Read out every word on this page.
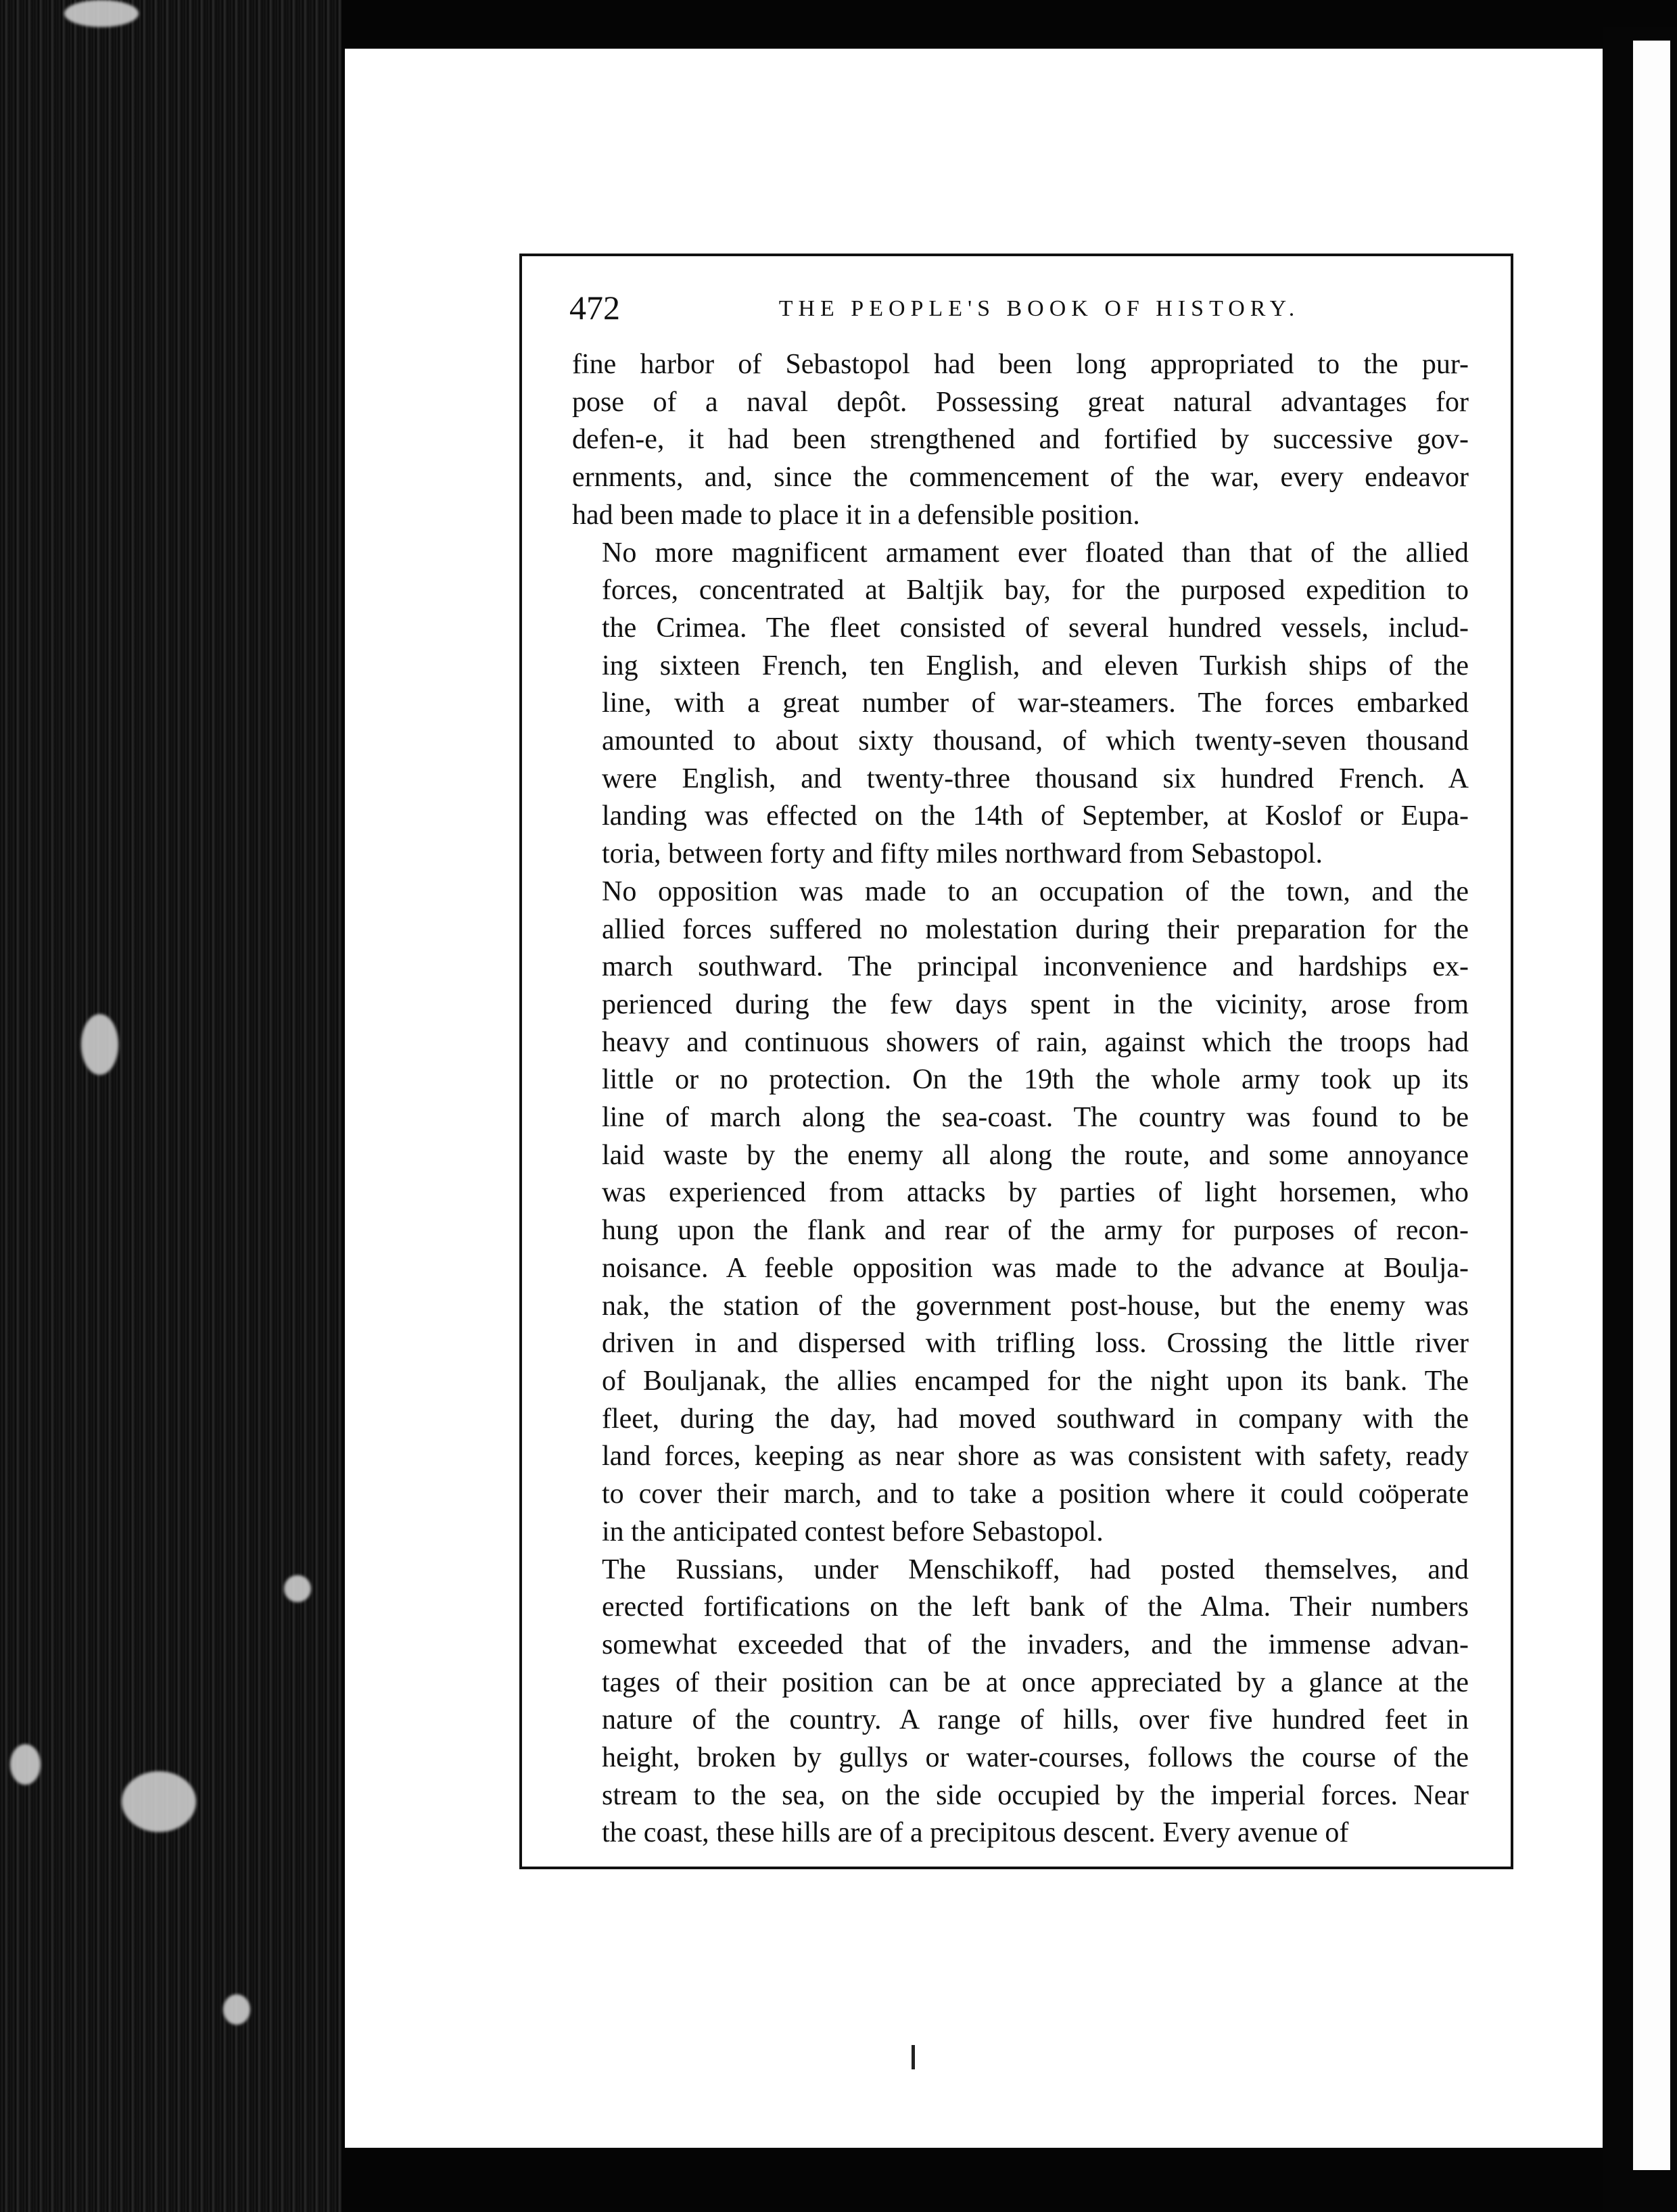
472	THE PEOPLE'S BOOK OF HISTORY.

fine harbor of Sebastopol had been long appropriated to the pur-
pose of a naval depôt. Possessing great natural advantages for
defen-e, it had been strengthened and fortified by successive gov-
ernments, and, since the commencement of the war, every endeavor
had been made to place it in a defensible position.

No more magnificent armament ever floated than that of the allied
forces, concentrated at Baltjik bay, for the purposed expedition to
the Crimea. The fleet consisted of several hundred vessels, includ-
ing sixteen French, ten English, and eleven Turkish ships of the
line, with a great number of war-steamers. The forces embarked
amounted to about sixty thousand, of which twenty-seven thousand
were English, and twenty-three thousand six hundred French. A
landing was effected on the 14th of September, at Koslof or Eupa-
toria, between forty and fifty miles northward from Sebastopol.

No opposition was made to an occupation of the town, and the
allied forces suffered no molestation during their preparation for the
march southward. The principal inconvenience and hardships ex-
perienced during the few days spent in the vicinity, arose from
heavy and continuous showers of rain, against which the troops had
little or no protection. On the 19th the whole army took up its
line of march along the sea-coast. The country was found to be
laid waste by the enemy all along the route, and some annoyance
was experienced from attacks by parties of light horsemen, who
hung upon the flank and rear of the army for purposes of recon-
noisance. A feeble opposition was made to the advance at Boulja-
nak, the station of the government post-house, but the enemy was
driven in and dispersed with trifling loss. Crossing the little river
of Bouljanak, the allies encamped for the night upon its bank. The
fleet, during the day, had moved southward in company with the
land forces, keeping as near shore as was consistent with safety, ready
to cover their march, and to take a position where it could coöperate
in the anticipated contest before Sebastopol.

The Russians, under Menschikoff, had posted themselves, and
erected fortifications on the left bank of the Alma. Their numbers
somewhat exceeded that of the invaders, and the immense advan-
tages of their position can be at once appreciated by a glance at the
nature of the country. A range of hills, over five hundred feet in
height, broken by gullys or water-courses, follows the course of the
stream to the sea, on the side occupied by the imperial forces. Near
the coast, these hills are of a precipitous descent. Every avenue of
